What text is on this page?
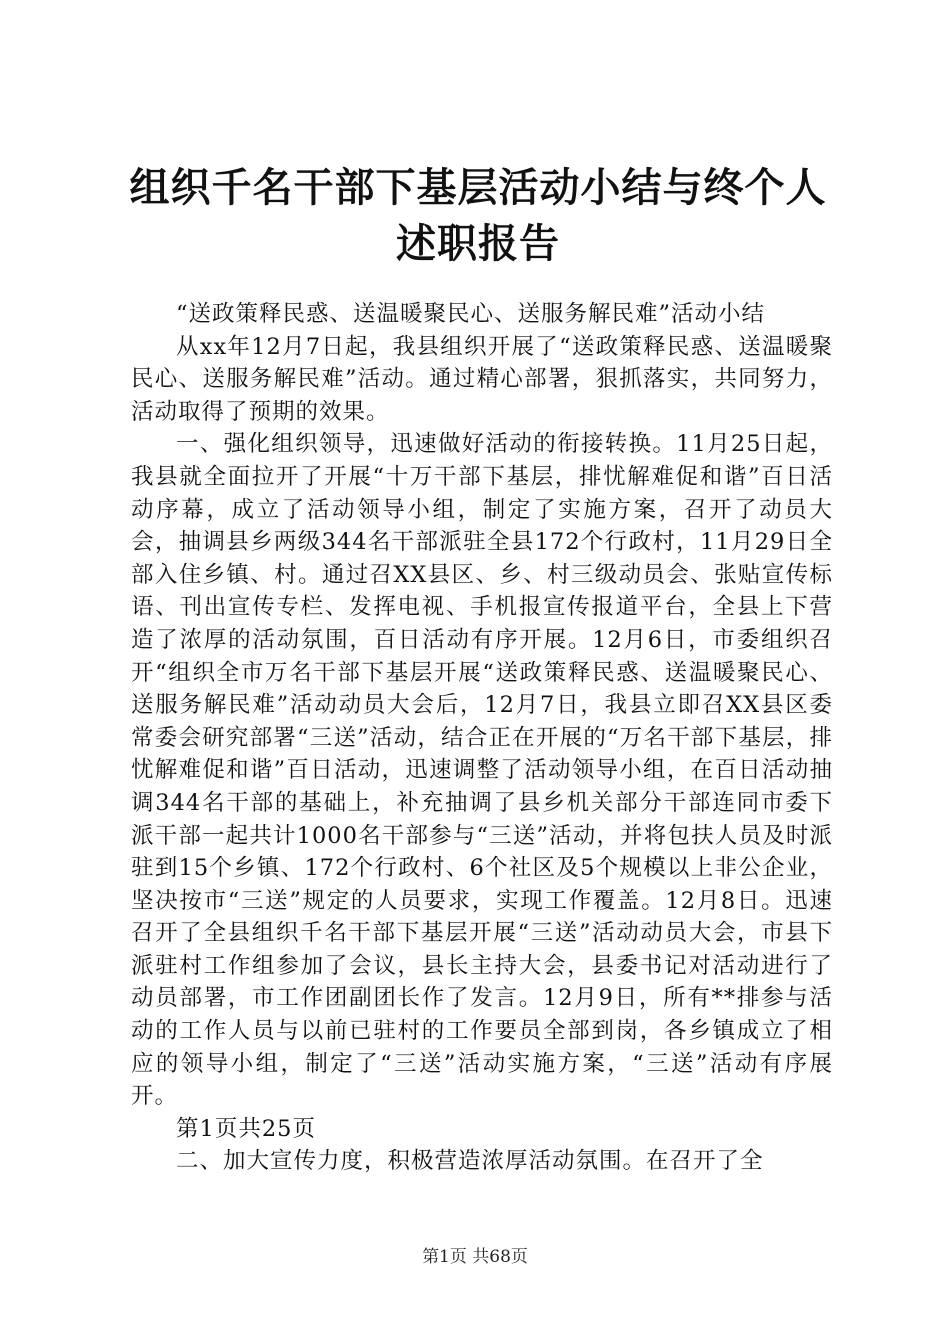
组织千名干部下基层活动小结与终个人述职报告

“送政策释民惑、送温暖聚民心、送服务解民难”活动小结

从xx年12月7日起，我县组织开展了“送政策释民惑、送温暖聚民心、送服务解民难”活动。通过精心部署，狠抓落实，共同努力，活动取得了预期的效果。

一、强化组织领导，迅速做好活动的衔接转换。11月25日起，我县就全面拉开了开展“十万干部下基层，排忧解难促和谐”百日活动序幕，成立了活动领导小组，制定了实施方案，召开了动员大会，抽调县乡两级344名干部派驻全县172个行政村，11月29日全部入住乡镇、村。通过召XX县区、乡、村三级动员会、张贴宣传标语、刊出宣传专栏、发挥电视、手机报宣传报道平台，全县上下营造了浓厚的活动氛围，百日活动有序开展。12月6日，市委组织召开“组织全市万名干部下基层开展“送政策释民惑、送温暖聚民心、送服务解民难”活动动员大会后，12月7日，我县立即召XX县区委常委会研究部署“三送”活动，结合正在开展的“万名干部下基层，排忧解难促和谐”百日活动，迅速调整了活动领导小组，在百日活动抽调344名干部的基础上，补充抽调了县乡机关部分干部连同市委下派干部一起共计1000名干部参与“三送”活动，并将包扶人员及时派驻到15个乡镇、172个行政村、6个社区及5个规模以上非公企业，坚决按市“三送”规定的人员要求，实现工作覆盖。12月8日。迅速召开了全县组织千名干部下基层开展“三送”活动动员大会，市县下派驻村工作组参加了会议，县长主持大会，县委书记对活动进行了动员部署，市工作团副团长作了发言。12月9日，所有**排参与活动的工作人员与以前已驻村的工作要员全部到岗，各乡镇成立了相应的领导小组，制定了“三送”活动实施方案，“三送”活动有序展开。

第1页共25页

二、加大宣传力度，积极营造浓厚活动氛围。在召开了全

第1页 共68页
